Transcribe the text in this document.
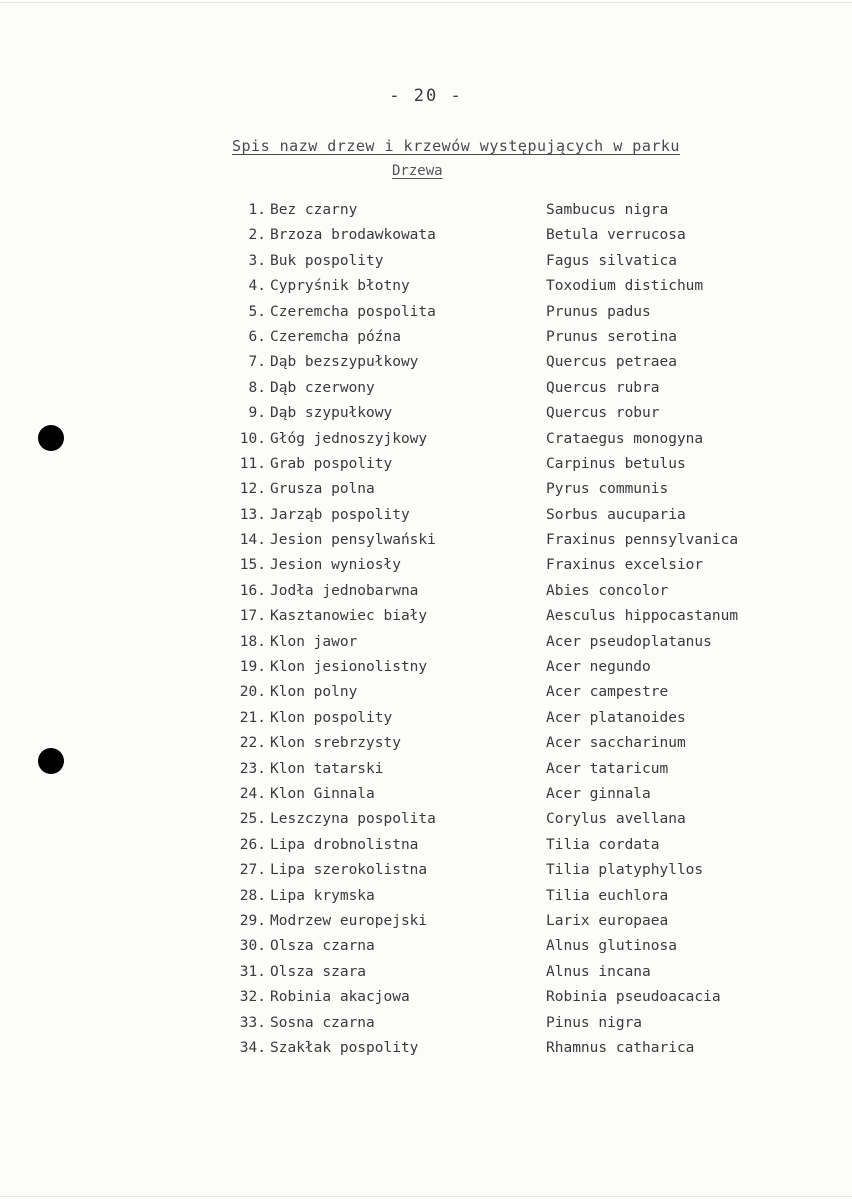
- 20 -
Spis nazw drzew i krzewów występujących w parku
Drzewa
1. Bez czarny	Sambucus nigra
2. Brzoza brodawkowata	Betula verrucosa
3. Buk pospolity	Fagus silvatica
4. Cypryśnik błotny	Toxodium distichum
5. Czeremcha pospolita	Prunus padus
6. Czeremcha późna	Prunus serotina
7. Dąb bezszypułkowy	Quercus petraea
8. Dąb czerwony	Quercus rubra
9. Dąb szypułkowy	Quercus robur
10. Głóg jednoszyjkowy	Crataegus monogyna
11. Grab pospolity	Carpinus betulus
12. Grusza polna	Pyrus communis
13. Jarząb pospolity	Sorbus aucuparia
14. Jesion pensylwański	Fraxinus pennsylvanica
15. Jesion wyniosły	Fraxinus excelsior
16. Jodła jednobarwna	Abies concolor
17. Kasztanowiec biały	Aesculus hippocastanum
18. Klon jawor	Acer pseudoplatanus
19. Klon jesionolistny	Acer negundo
20. Klon polny	Acer campestre
21. Klon pospolity	Acer platanoides
22. Klon srebrzysty	Acer saccharinum
23. Klon tatarski	Acer tataricum
24. Klon Ginnala	Acer ginnala
25. Leszczyna pospolita	Corylus avellana
26. Lipa drobnolistna	Tilia cordata
27. Lipa szerokolistna	Tilia platyphyllos
28. Lipa krymska	Tilia euchlora
29. Modrzew europejski	Larix europaea
30. Olsza czarna	Alnus glutinosa
31. Olsza szara	Alnus incana
32. Robinia akacjowa	Robinia pseudoacacia
33. Sosna czarna	Pinus nigra
34. Szakłak pospolity	Rhamnus catharica
